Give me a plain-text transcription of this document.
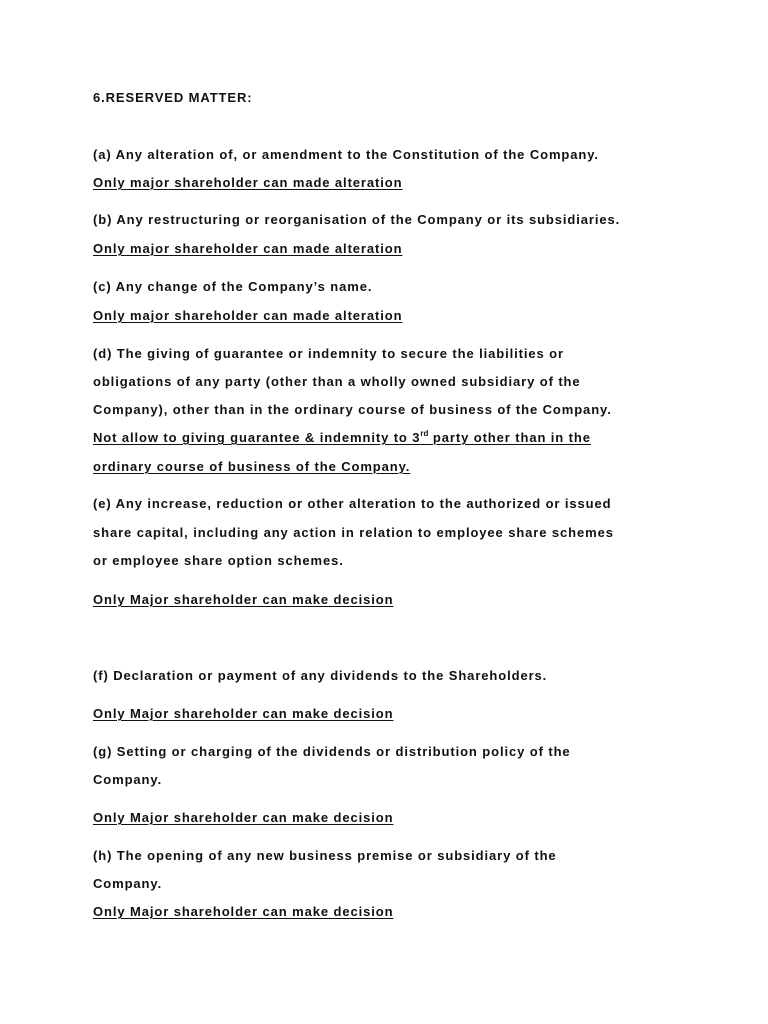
6.RESERVED MATTER:
(a) Any alteration of, or amendment to the Constitution of the Company.
Only major shareholder can made alteration
(b) Any restructuring or reorganisation of the Company or its subsidiaries.
Only major shareholder can made alteration
(c) Any change of the Company’s name.
Only major shareholder can made alteration
(d) The giving of guarantee or indemnity to secure the liabilities or
obligations of any party (other than a wholly owned subsidiary of the
Company), other than in the ordinary course of business of the Company.
Not allow to giving guarantee & indemnity to 3rd party other than in the
ordinary course of business of the Company.
(e) Any increase, reduction or other alteration to the authorized or issued
share capital, including any action in relation to employee share schemes
or employee share option schemes.
Only Major shareholder can make decision
(f) Declaration or payment of any dividends to the Shareholders.
Only Major shareholder can make decision
(g) Setting or charging of the dividends or distribution policy of the
Company.
Only Major shareholder can make decision
(h) The opening of any new business premise or subsidiary of the
Company.
Only Major shareholder can make decision
